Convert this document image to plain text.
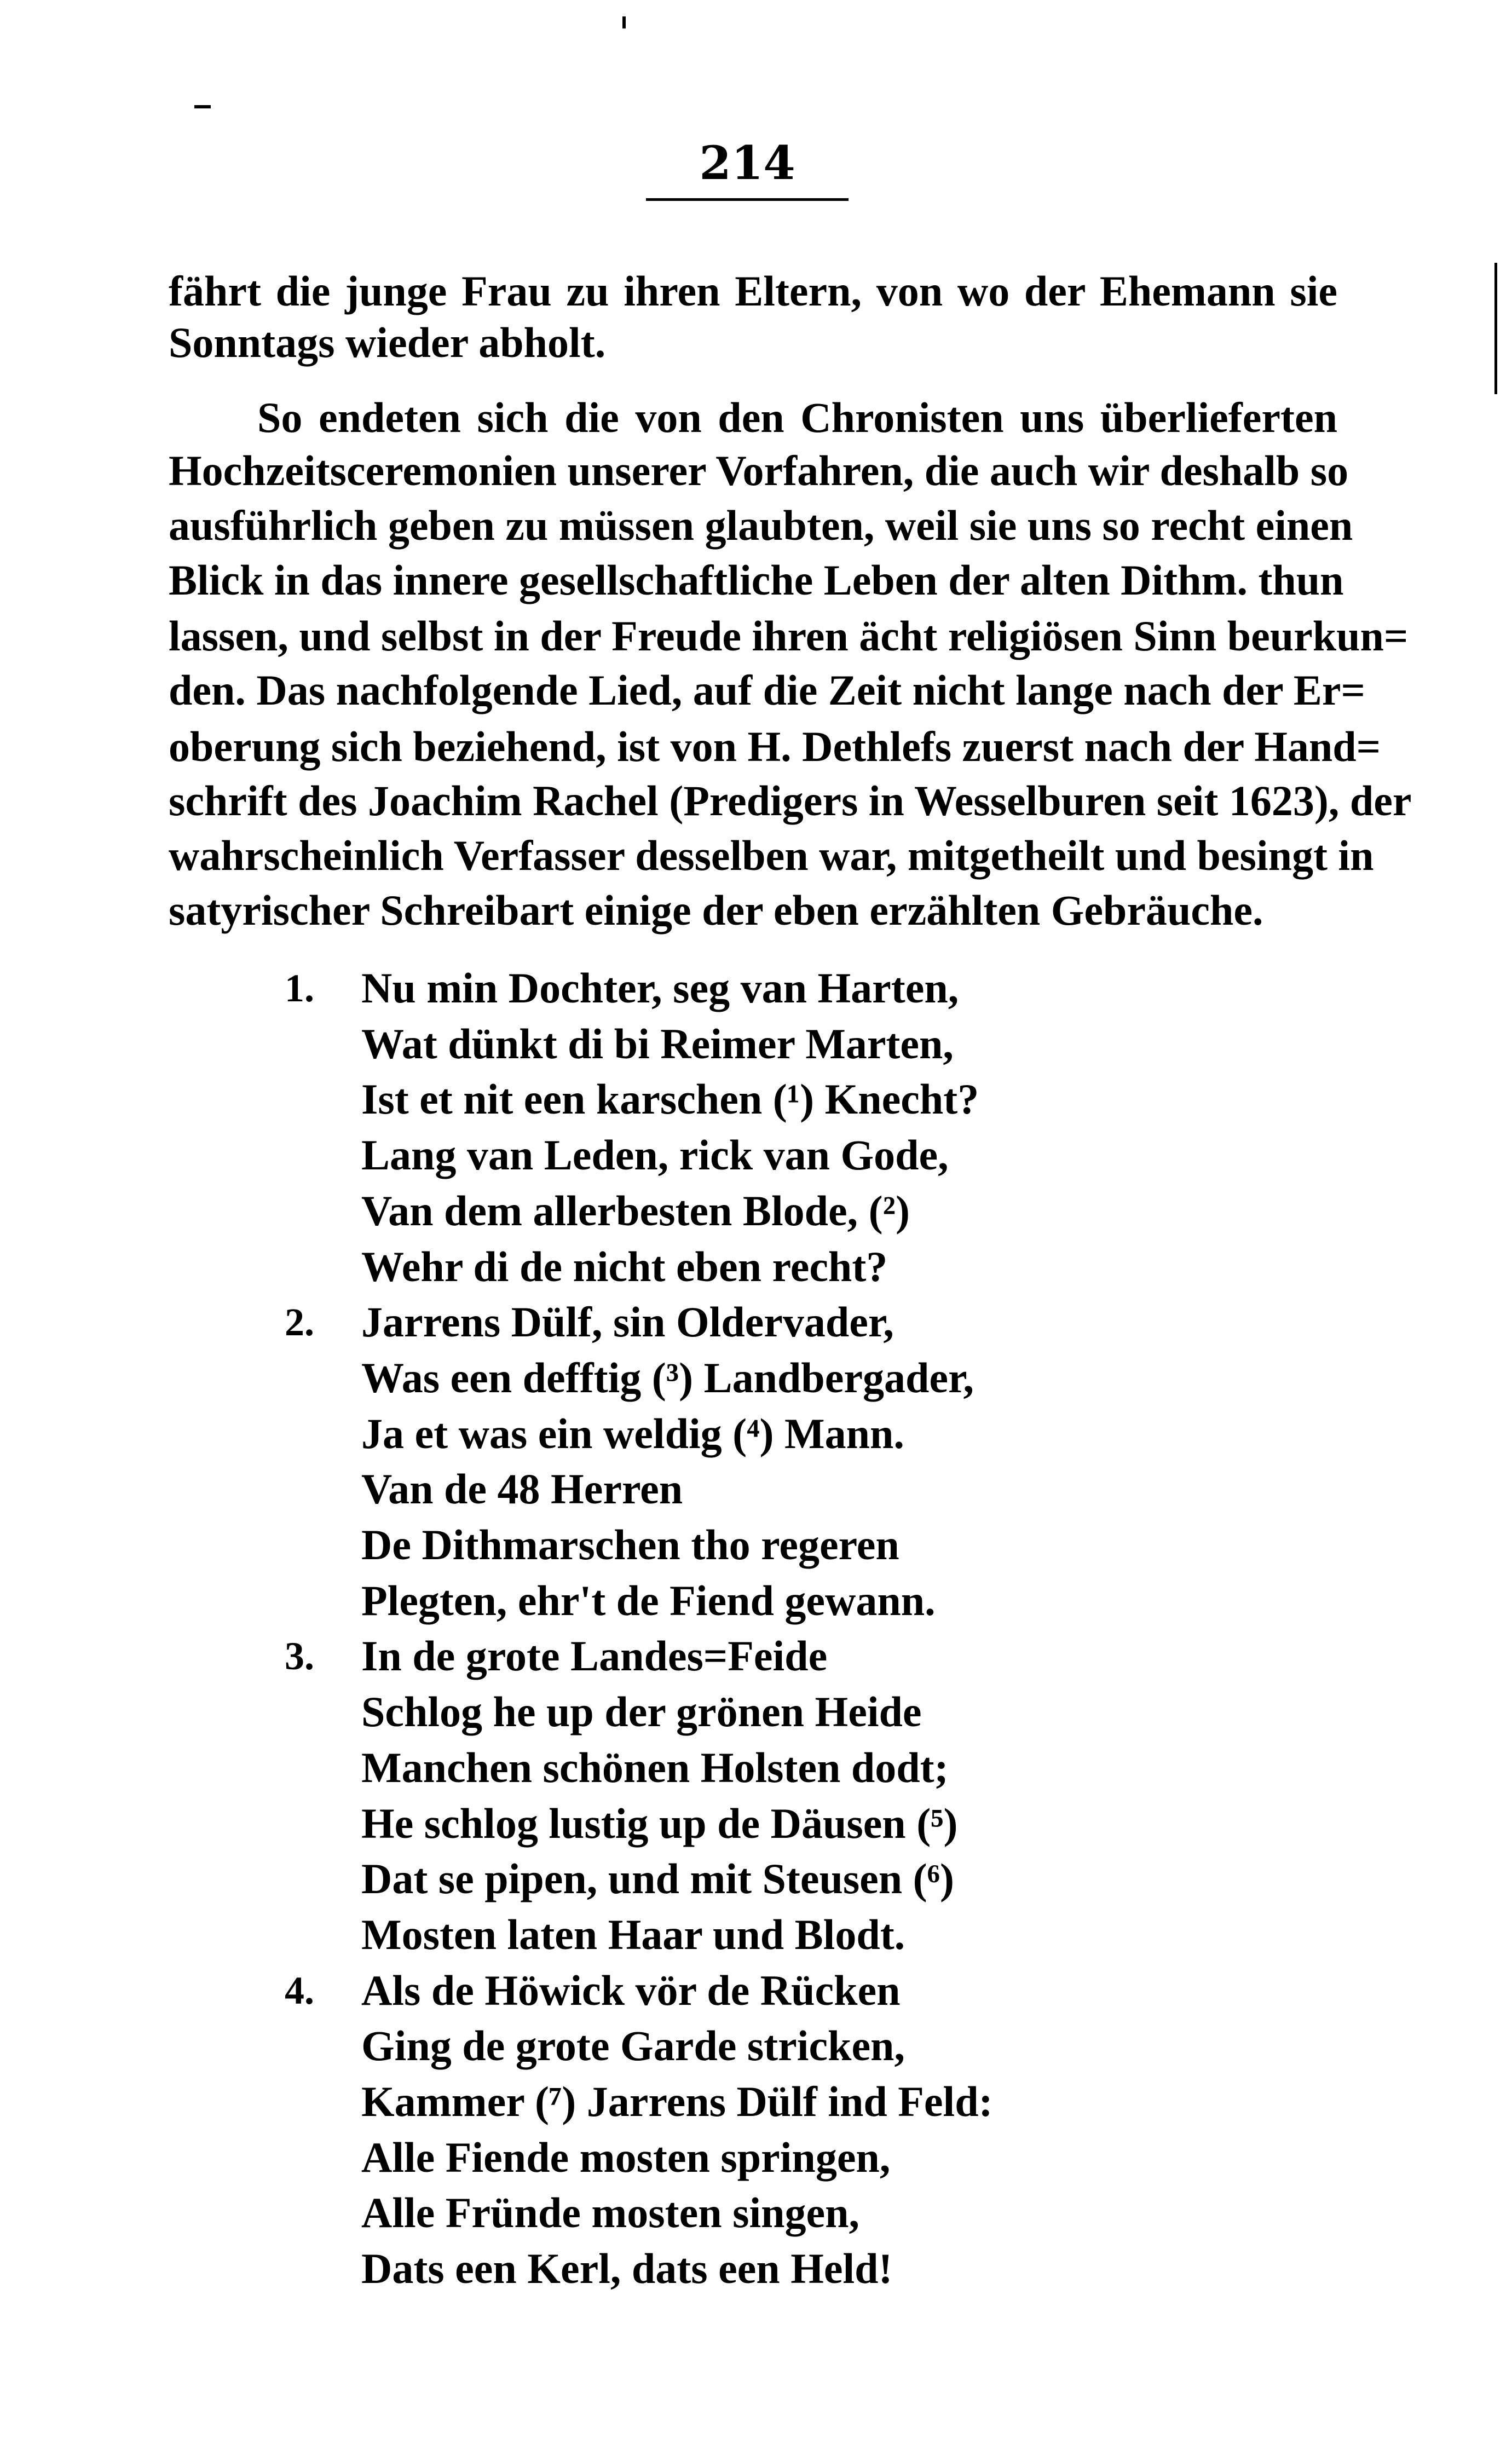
214
fährt die junge Frau zu ihren Eltern, von wo der Ehemann sie
Sonntags wieder abholt.
So endeten sich die von den Chronisten uns überlieferten
Hochzeitsceremonien unserer Vorfahren, die auch wir deshalb so
ausführlich geben zu müssen glaubten, weil sie uns so recht einen
Blick in das innere gesellschaftliche Leben der alten Dithm. thun
lassen, und selbst in der Freude ihren ächt religiösen Sinn beurkun=
den. Das nachfolgende Lied, auf die Zeit nicht lange nach der Er=
oberung sich beziehend, ist von H. Dethlefs zuerst nach der Hand=
schrift des Joachim Rachel (Predigers in Wesselburen seit 1623), der
wahrscheinlich Verfasser desselben war, mitgetheilt und besingt in
satyrischer Schreibart einige der eben erzählten Gebräuche.
1.	Nu min Dochter, seg van Harten,
Wat dünkt di bi Reimer Marten,
Ist et nit een karschen (¹) Knecht?
Lang van Leden, rick van Gode,
Van dem allerbesten Blode, (²)
Wehr di de nicht eben recht?
2.	Jarrens Dülf, sin Oldervader,
Was een defftig (³) Landbergader,
Ja et was ein weldig (⁴) Mann.
Van de 48 Herren
De Dithmarschen tho regeren
Plegten, ehr't de Fiend gewann.
3.	In de grote Landes=Feide
Schlog he up der grönen Heide
Manchen schönen Holsten dodt;
He schlog lustig up de Däusen (⁵)
Dat se pipen, und mit Steusen (⁶)
Mosten laten Haar und Blodt.
4.	Als de Höwick vör de Rücken
Ging de grote Garde stricken,
Kammer (⁷) Jarrens Dülf ind Feld:
Alle Fiende mosten springen,
Alle Fründe mosten singen,
Dats een Kerl, dats een Held!
